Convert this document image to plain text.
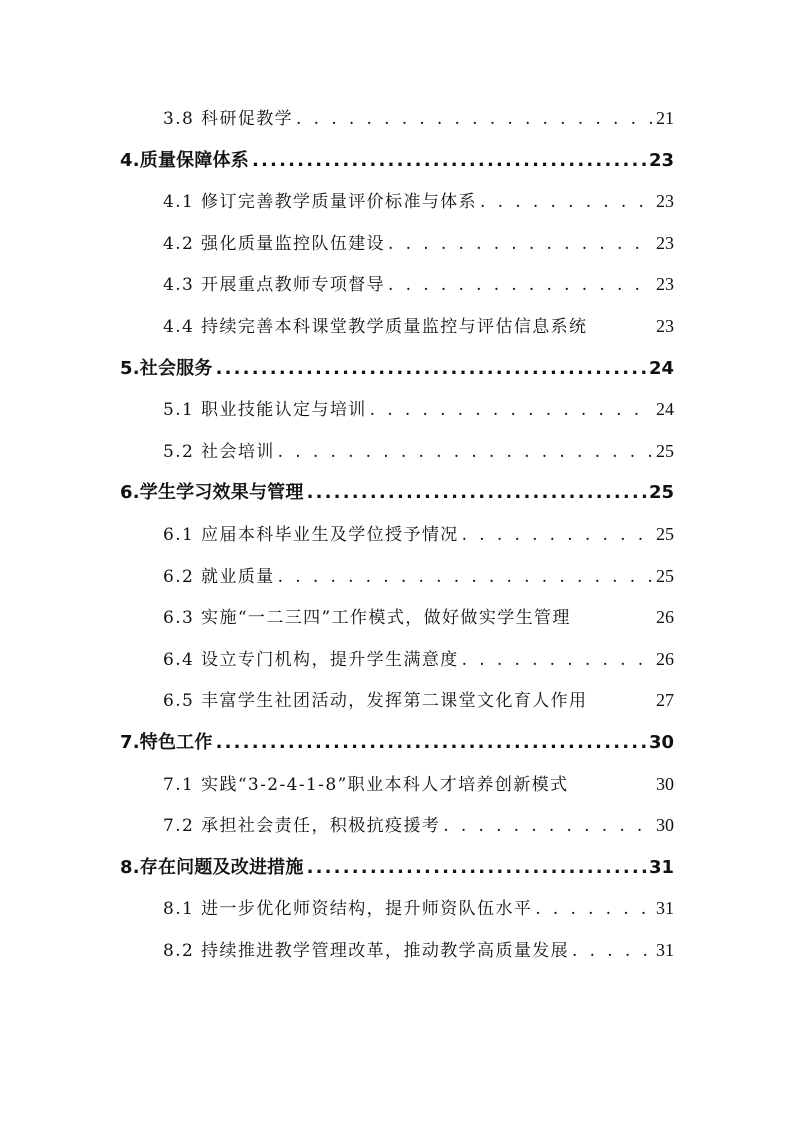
3.8 科研促教学 . . .	21
4.质量保障体系 .....	23
4.1 修订完善教学质量评价标准与体系 . . .	23
4.2 强化质量监控队伍建设 . . .	23
4.3 开展重点教师专项督导 . . .	23
4.4 持续完善本科课堂教学质量监控与评估信息系统	23
5.社会服务 .....	24
5.1 职业技能认定与培训 . . .	24
5.2 社会培训 . . .	25
6.学生学习效果与管理 .....	25
6.1 应届本科毕业生及学位授予情况 . . .	25
6.2 就业质量 . . .	25
6.3 实施“一二三四”工作模式，做好做实学生管理	26
6.4 设立专门机构，提升学生满意度 . . .	26
6.5 丰富学生社团活动，发挥第二课堂文化育人作用	27
7.特色工作 .....	30
7.1 实践“3-2-4-1-8”职业本科人才培养创新模式	30
7.2 承担社会责任，积极抗疫援考 . . .	30
8.存在问题及改进措施 .....	31
8.1 进一步优化师资结构，提升师资队伍水平 . . .	31
8.2 持续推进教学管理改革，推动教学高质量发展 . . .	31
